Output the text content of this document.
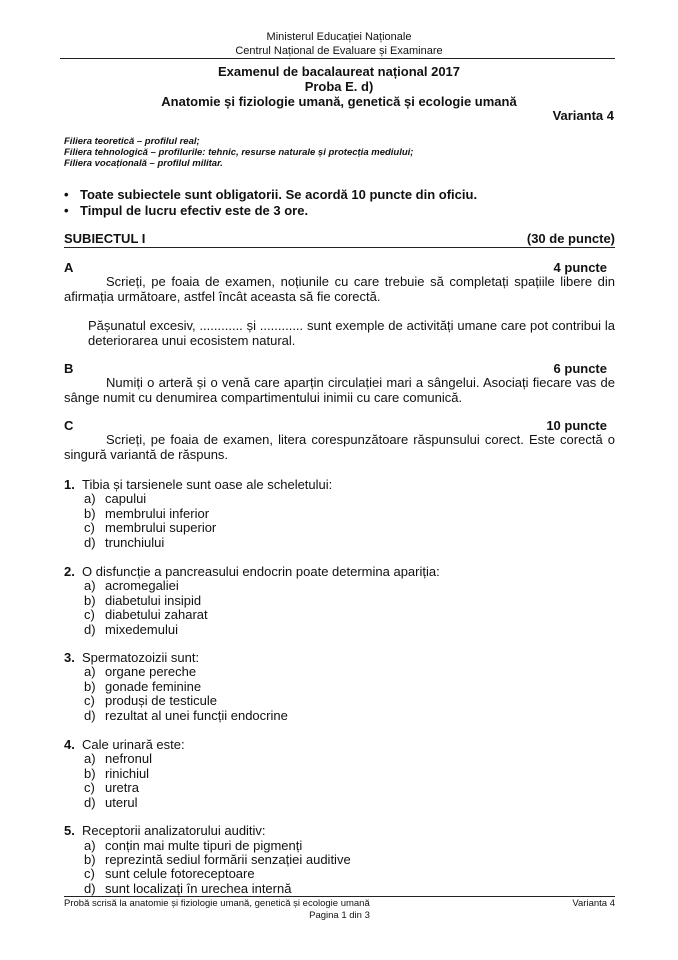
Ministerul Educației Naționale
Centrul Național de Evaluare și Examinare
Examenul de bacalaureat național 2017
Proba E. d)
Anatomie și fiziologie umană, genetică și ecologie umană
Varianta 4
Filiera teoretică – profilul real;
Filiera tehnologică – profilurile: tehnic, resurse naturale și protecția mediului;
Filiera vocațională – profilul militar.
• Toate subiectele sunt obligatorii. Se acordă 10 puncte din oficiu.
• Timpul de lucru efectiv este de 3 ore.
SUBIECTUL I	(30 de puncte)
A	4 puncte
Scrieți, pe foaia de examen, noțiunile cu care trebuie să completați spațiile libere din afirmația următoare, astfel încât aceasta să fie corectă.
Pășunatul excesiv, ............ și ............ sunt exemple de activități umane care pot contribui la deteriorarea unui ecosistem natural.
B	6 puncte
Numiți o arteră și o venă care aparțin circulației mari a sângelui. Asociați fiecare vas de sânge numit cu denumirea compartimentului inimii cu care comunică.
C	10 puncte
Scrieți, pe foaia de examen, litera corespunzătoare răspunsului corect. Este corectă o singură variantă de răspuns.
1. Tibia și tarsienele sunt oase ale scheletului:
a) capului
b) membrului inferior
c) membrului superior
d) trunchiului
2. O disfuncție a pancreasului endocrin poate determina apariția:
a) acromegaliei
b) diabetului insipid
c) diabetului zaharat
d) mixedemului
3. Spermatozoizii sunt:
a) organe pereche
b) gonade feminine
c) produși de testicule
d) rezultat al unei funcții endocrine
4. Cale urinară este:
a) nefronul
b) rinichiul
c) uretra
d) uterul
5. Receptorii analizatorului auditiv:
a) conțin mai multe tipuri de pigmenți
b) reprezintă sediul formării senzației auditive
c) sunt celule fotoreceptoare
d) sunt localizați în urechea internă
Probă scrisă la anatomie și fiziologie umană, genetică și ecologie umană	Varianta 4
Pagina 1 din 3
